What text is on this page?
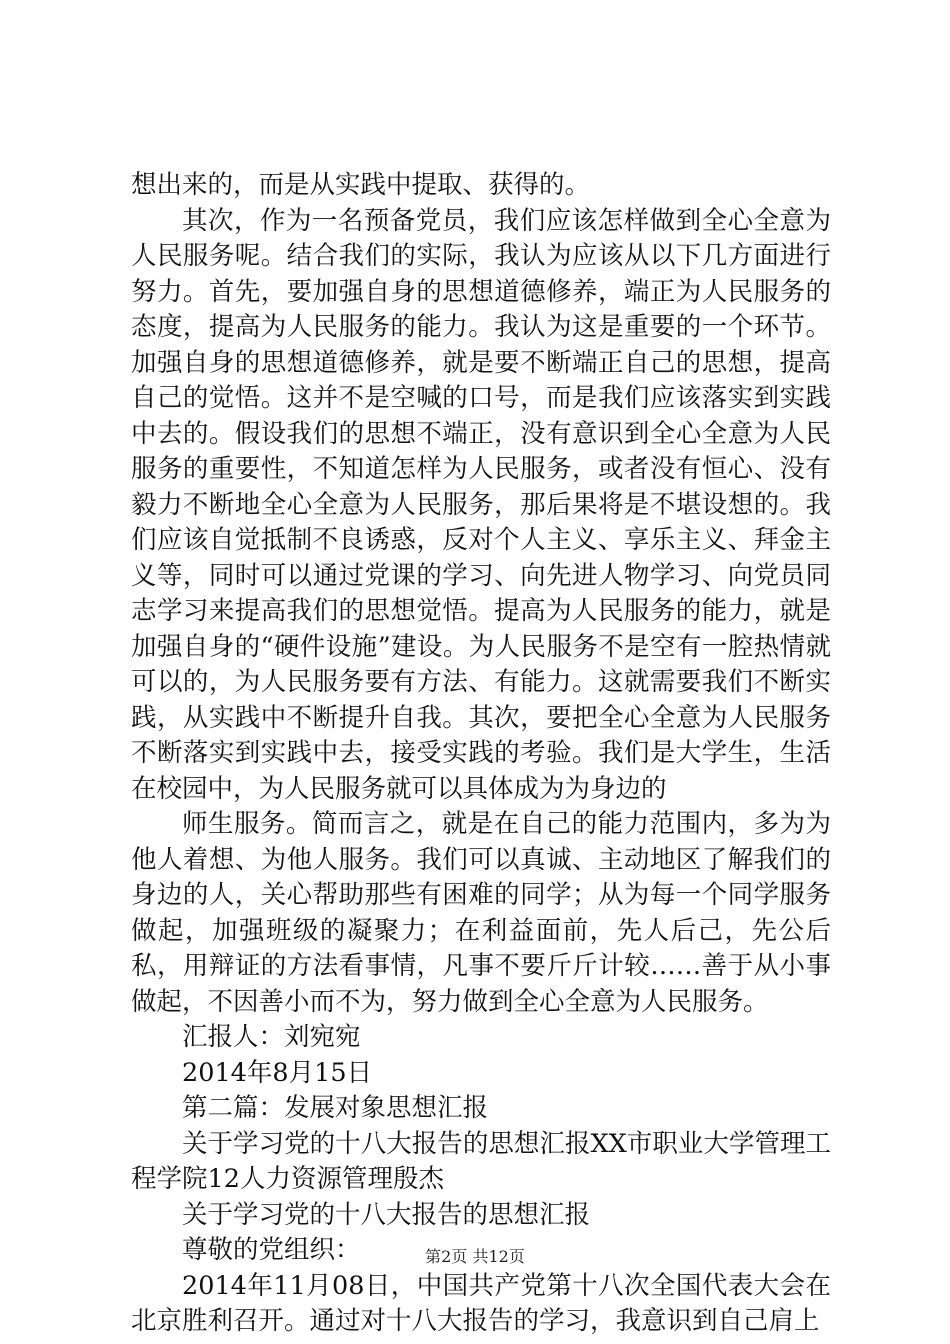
想出来的，而是从实践中提取、获得的。

其次，作为一名预备党员，我们应该怎样做到全心全意为人民服务呢。结合我们的实际，我认为应该从以下几方面进行努力。首先，要加强自身的思想道德修养，端正为人民服务的态度，提高为人民服务的能力。我认为这是重要的一个环节。加强自身的思想道德修养，就是要不断端正自己的思想，提高自己的觉悟。这并不是空喊的口号，而是我们应该落实到实践中去的。假设我们的思想不端正，没有意识到全心全意为人民服务的重要性，不知道怎样为人民服务，或者没有恒心、没有毅力不断地全心全意为人民服务，那后果将是不堪设想的。我们应该自觉抵制不良诱惑，反对个人主义、享乐主义、拜金主义等，同时可以通过党课的学习、向先进人物学习、向党员同志学习来提高我们的思想觉悟。提高为人民服务的能力，就是加强自身的“硬件设施”建设。为人民服务不是空有一腔热情就可以的，为人民服务要有方法、有能力。这就需要我们不断实践，从实践中不断提升自我。其次，要把全心全意为人民服务不断落实到实践中去，接受实践的考验。我们是大学生，生活在校园中，为人民服务就可以具体成为为身边的

师生服务。简而言之，就是在自己的能力范围内，多为为他人着想、为他人服务。我们可以真诚、主动地区了解我们的身边的人，关心帮助那些有困难的同学；从为每一个同学服务做起，加强班级的凝聚力；在利益面前，先人后己，先公后私，用辩证的方法看事情，凡事不要斤斤计较……善于从小事做起，不因善小而不为，努力做到全心全意为人民服务。

汇报人：刘宛宛

2014年8月15日

第二篇：发展对象思想汇报

关于学习党的十八大报告的思想汇报XX市职业大学管理工程学院12人力资源管理殷杰

关于学习党的十八大报告的思想汇报

尊敬的党组织：

2014年11月08日，中国共产党第十八次全国代表大会在北京胜利召开。通过对十八大报告的学习，我意识到自己肩上

第2页 共12页
